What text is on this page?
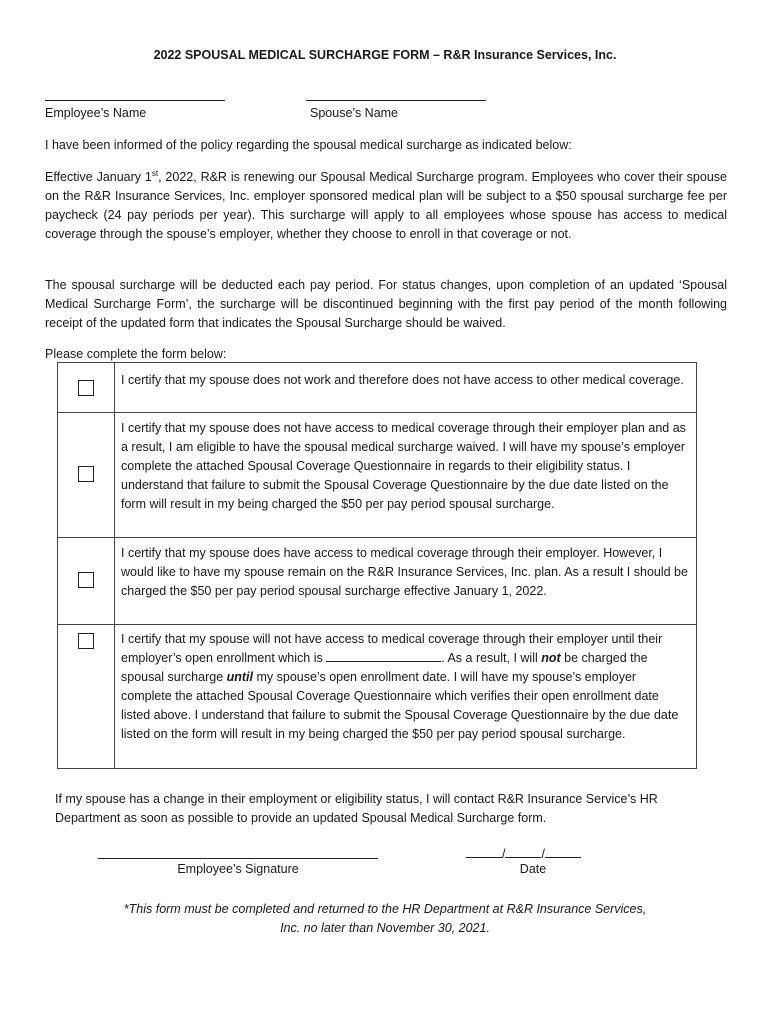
2022 SPOUSAL MEDICAL SURCHARGE FORM – R&R Insurance Services, Inc.
Employee’s Name	Spouse’s Name
I have been informed of the policy regarding the spousal medical surcharge as indicated below:
Effective January 1st, 2022, R&R is renewing our Spousal Medical Surcharge program. Employees who cover their spouse on the R&R Insurance Services, Inc. employer sponsored medical plan will be subject to a $50 spousal surcharge fee per paycheck (24 pay periods per year). This surcharge will apply to all employees whose spouse has access to medical coverage through the spouse’s employer, whether they choose to enroll in that coverage or not.
The spousal surcharge will be deducted each pay period. For status changes, upon completion of an updated ‘Spousal Medical Surcharge Form’, the surcharge will be discontinued beginning with the first pay period of the month following receipt of the updated form that indicates the Spousal Surcharge should be waived.
Please complete the form below:
	I certify that my spouse does not work and therefore does not have access to other medical coverage.
	I certify that my spouse does not have access to medical coverage through their employer plan and as a result, I am eligible to have the spousal medical surcharge waived. I will have my spouse’s employer complete the attached Spousal Coverage Questionnaire in regards to their eligibility status. I understand that failure to submit the Spousal Coverage Questionnaire by the due date listed on the form will result in my being charged the $50 per pay period spousal surcharge.
	I certify that my spouse does have access to medical coverage through their employer. However, I would like to have my spouse remain on the R&R Insurance Services, Inc. plan. As a result I should be charged the $50 per pay period spousal surcharge effective January 1, 2022.
	I certify that my spouse will not have access to medical coverage through their employer until their employer’s open enrollment which is . As a result, I will not be charged the spousal surcharge until my spouse’s open enrollment date. I will have my spouse’s employer complete the attached Spousal Coverage Questionnaire which verifies their open enrollment date listed above. I understand that failure to submit the Spousal Coverage Questionnaire by the due date listed on the form will result in my being charged the $50 per pay period spousal surcharge.
If my spouse has a change in their employment or eligibility status, I will contact R&R Insurance Service’s HR Department as soon as possible to provide an updated Spousal Medical Surcharge form.
Employee’s Signature
/	/
Date
*This form must be completed and returned to the HR Department at R&R Insurance Services,
Inc. no later than November 30, 2021.
